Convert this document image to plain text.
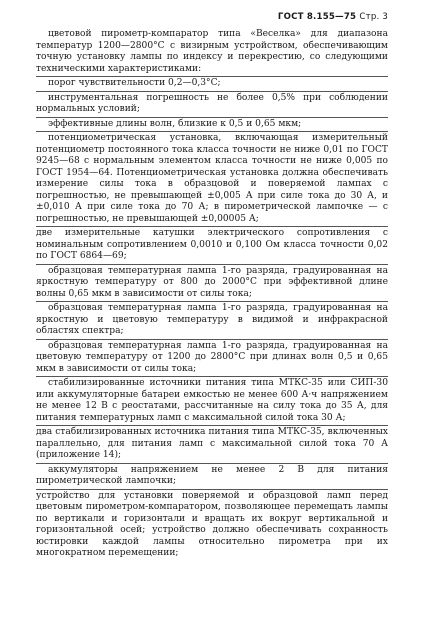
ГОСТ 8.155—75 Стр. 3

цветовой пирометр-компаратор типа «Веселка» для диапазона температур 1200—2800°С с визирным устройством, обеспечивающим точную установку лампы по индексу и перекрестию, со следующими техническими характеристиками:

порог чувствительности 0,2—0,3°С;

инструментальная погрешность не более 0,5% при соблюдении нормальных условий;

эффективные длины волн, близкие к 0,5 и 0,65 мкм;

потенциометрическая установка, включающая измерительный потенциометр постоянного тока класса точности не ниже 0,01 по ГОСТ 9245—68 с нормальным элементом класса точности не ниже 0,005 по ГОСТ 1954—64. Потенциометрическая установка должна обеспечивать измерение силы тока в образцовой и поверяемой лампах с погрешностью, не превышающей ±0,005 А при силе тока до 30 А, и ±0,010 А при силе тока до 70 А; в пирометрической лампочке — с погрешностью, не превышающей ±0,00005 А;

две измерительные катушки электрического сопротивления с номинальным сопротивлением 0,0010 и 0,100 Ом класса точности 0,02 по ГОСТ 6864—69;

образцовая температурная лампа 1-го разряда, градуированная на яркостную температуру от 800 до 2000°С при эффективной длине волны 0,65 мкм в зависимости от силы тока;

образцовая температурная лампа 1-го разряда, градуированная на яркостную и цветовую температуру в видимой и инфракрасной областях спектра;

образцовая температурная лампа 1-го разряда, градуированная на цветовую температуру от 1200 до 2800°С при длинах волн 0,5 и 0,65 мкм в зависимости от силы тока;

стабилизированные источники питания типа МТКС-35 или СИП-30 или аккумуляторные батареи емкостью не менее 600 А·ч напряжением не менее 12 В с реостатами, рассчитанные на силу тока до 35 А, для питания температурных ламп с максимальной силой тока 30 А;

два стабилизированных источника питания типа МТКС-35, включенных параллельно, для питания ламп с максимальной силой тока 70 А (приложение 14);

аккумуляторы напряжением не менее 2 В для питания пирометрической лампочки;

устройство для установки поверяемой и образцовой ламп перед цветовым пирометром-компаратором, позволяющее перемещать лампы по вертикали и горизонтали и вращать их вокруг вертикальной и горизонтальной осей; устройство должно обеспечивать сохранность юстировки каждой лампы относительно пирометра при их многократном перемещении;
